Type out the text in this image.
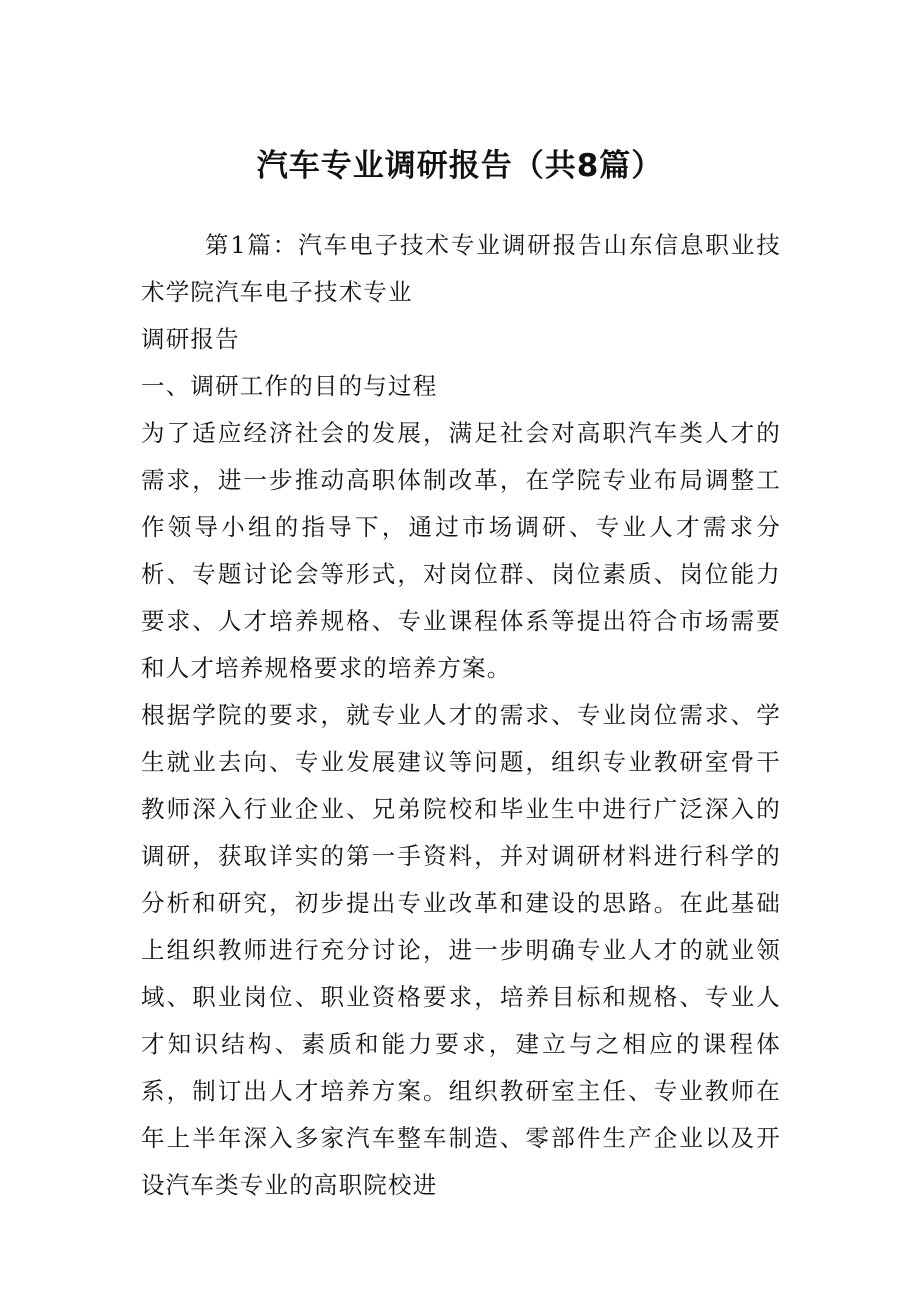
汽车专业调研报告（共8篇）

第1篇：汽车电子技术专业调研报告山东信息职业技术学院汽车电子技术专业

调研报告

一、调研工作的目的与过程

为了适应经济社会的发展，满足社会对高职汽车类人才的需求，进一步推动高职体制改革，在学院专业布局调整工作领导小组的指导下，通过市场调研、专业人才需求分析、专题讨论会等形式，对岗位群、岗位素质、岗位能力要求、人才培养规格、专业课程体系等提出符合市场需要和人才培养规格要求的培养方案。

根据学院的要求，就专业人才的需求、专业岗位需求、学生就业去向、专业发展建议等问题，组织专业教研室骨干教师深入行业企业、兄弟院校和毕业生中进行广泛深入的调研，获取详实的第一手资料，并对调研材料进行科学的分析和研究，初步提出专业改革和建设的思路。在此基础上组织教师进行充分讨论，进一步明确专业人才的就业领域、职业岗位、职业资格要求，培养目标和规格、专业人才知识结构、素质和能力要求，建立与之相应的课程体系，制订出人才培养方案。组织教研室主任、专业教师在年上半年深入多家汽车整车制造、零部件生产企业以及开设汽车类专业的高职院校进
